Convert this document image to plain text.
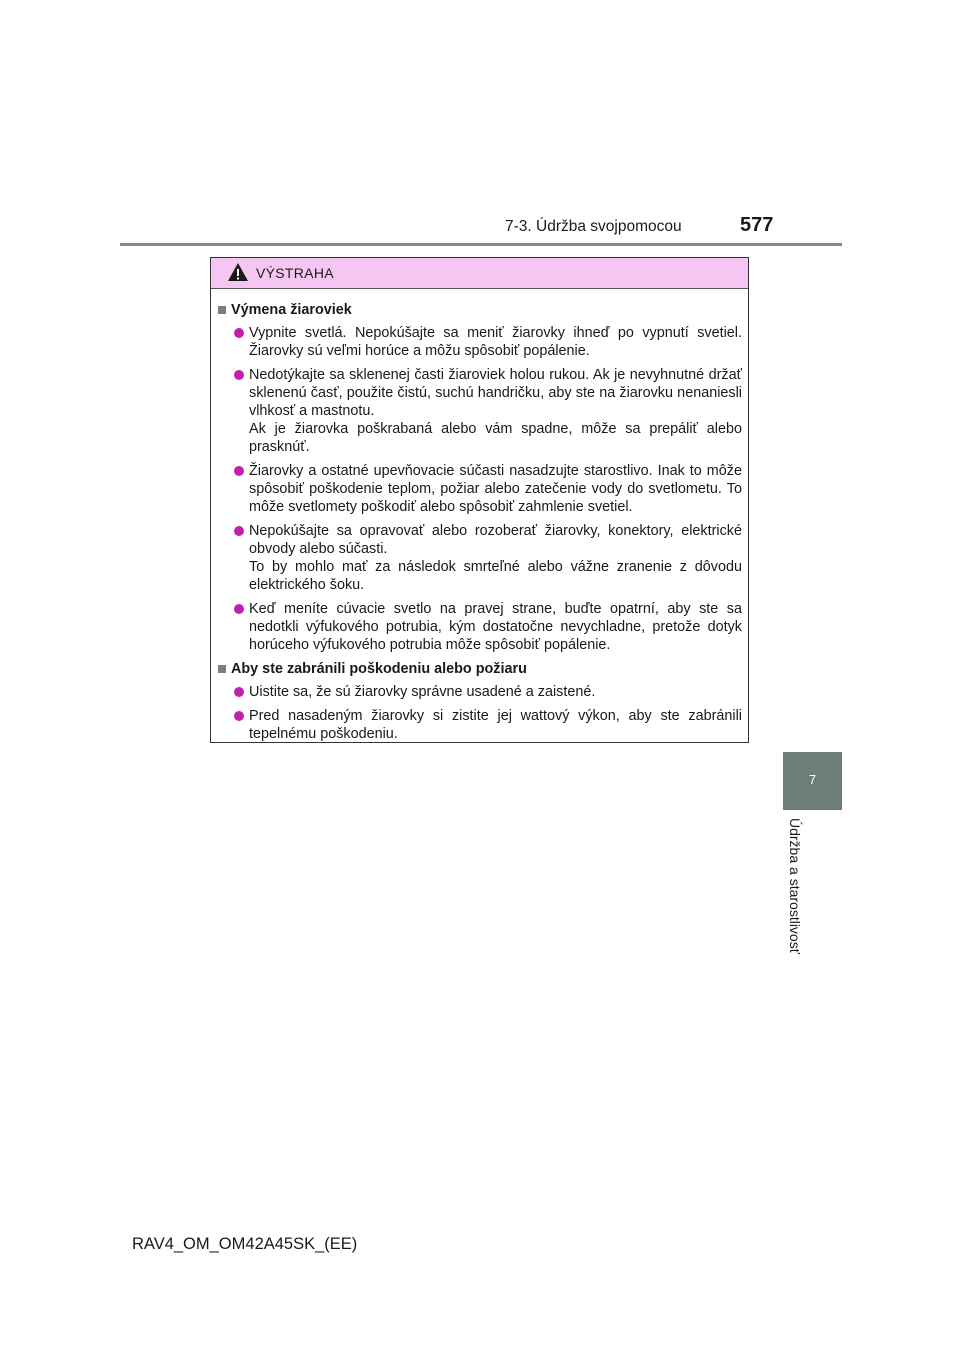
7-3. Údržba svojpomocou	577
7
Údržba a starostlivosť
VÝSTRAHA
Výmena žiaroviek

Vypnite svetlá. Nepokúšajte sa meniť žiarovky ihneď po vypnutí svetiel. Žiarovky sú veľmi horúce a môžu spôsobiť popálenie.

Nedotýkajte sa sklenenej časti žiaroviek holou rukou. Ak je nevyhnutné držať sklenenú časť, použite čistú, suchú handričku, aby ste na žiarovku nenaniesli vlhkosť a mastnotu.

Ak je žiarovka poškrabaná alebo vám spadne, môže sa prepáliť alebo prasknúť.

Žiarovky a ostatné upevňovacie súčasti nasadzujte starostlivo. Inak to môže spôsobiť poškodenie teplom, požiar alebo zatečenie vody do svetlometu. To môže svetlomety poškodiť alebo spôsobiť zahmlenie svetiel.

Nepokúšajte sa opravovať alebo rozoberať žiarovky, konektory, elektrické obvody alebo súčasti.

To by mohlo mať za následok smrteľné alebo vážne zranenie z dôvodu elektrického šoku.

Keď meníte cúvacie svetlo na pravej strane, buďte opatrní, aby ste sa nedotkli výfukového potrubia, kým dostatočne nevychladne, pretože dotyk horúceho výfukového potrubia môže spôsobiť popálenie.

Aby ste zabránili poškodeniu alebo požiaru

Uistite sa, že sú žiarovky správne usadené a zaistené.

Pred nasadeným žiarovky si zistite jej wattový výkon, aby ste zabránili tepelnému poškodeniu.

RAV4_OM_OM42A45SK_(EE)
